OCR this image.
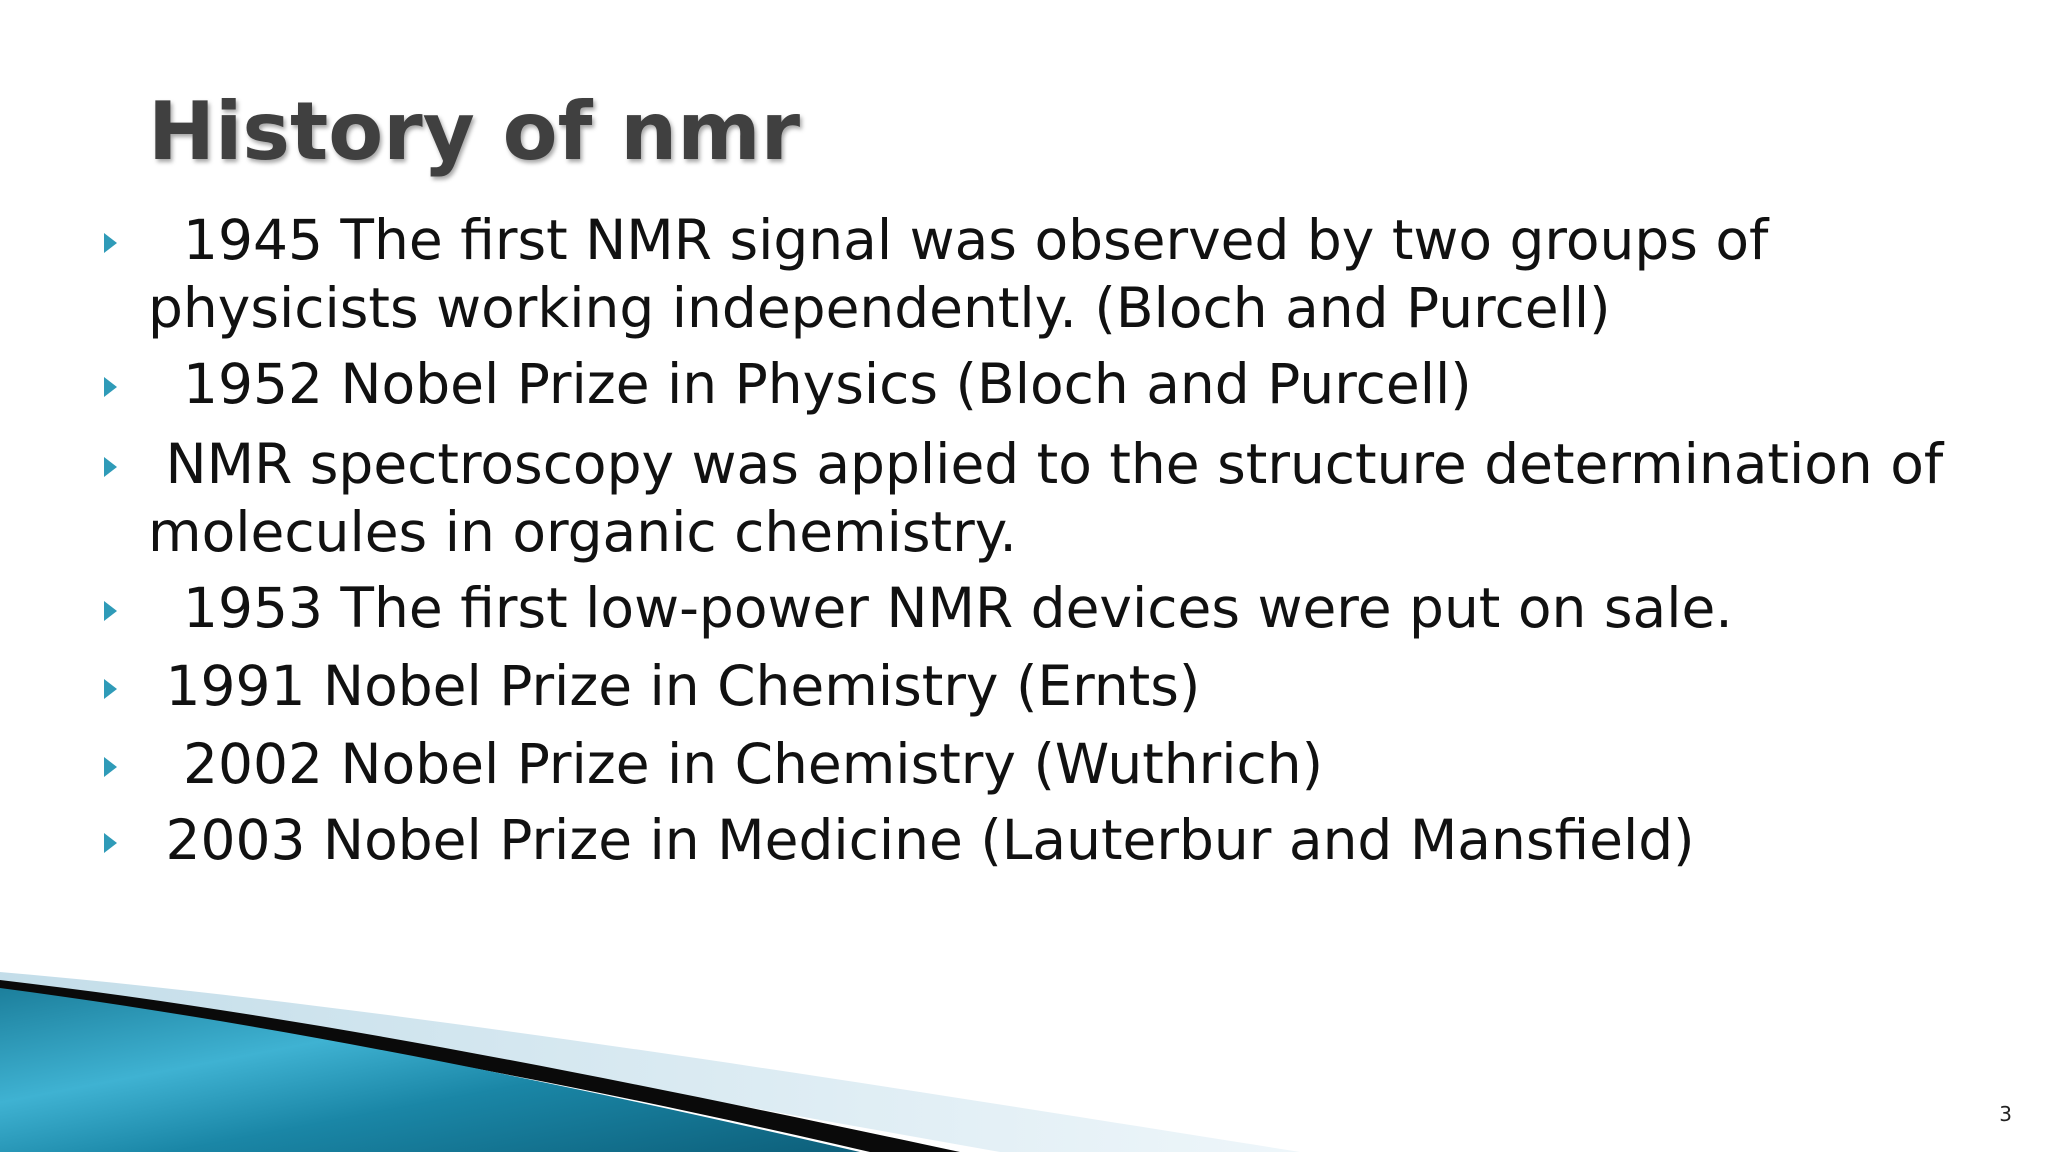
History of nmr
1945 The first NMR signal was observed by two groups of
physicists working independently. (Bloch and Purcell)
1952 Nobel Prize in Physics (Bloch and Purcell)
NMR spectroscopy was applied to the structure determination of
molecules in organic chemistry.
1953 The first low-power NMR devices were put on sale.
1991 Nobel Prize in Chemistry (Ernts)
2002 Nobel Prize in Chemistry (Wuthrich)
2003 Nobel Prize in Medicine (Lauterbur and Mansfield)
3
